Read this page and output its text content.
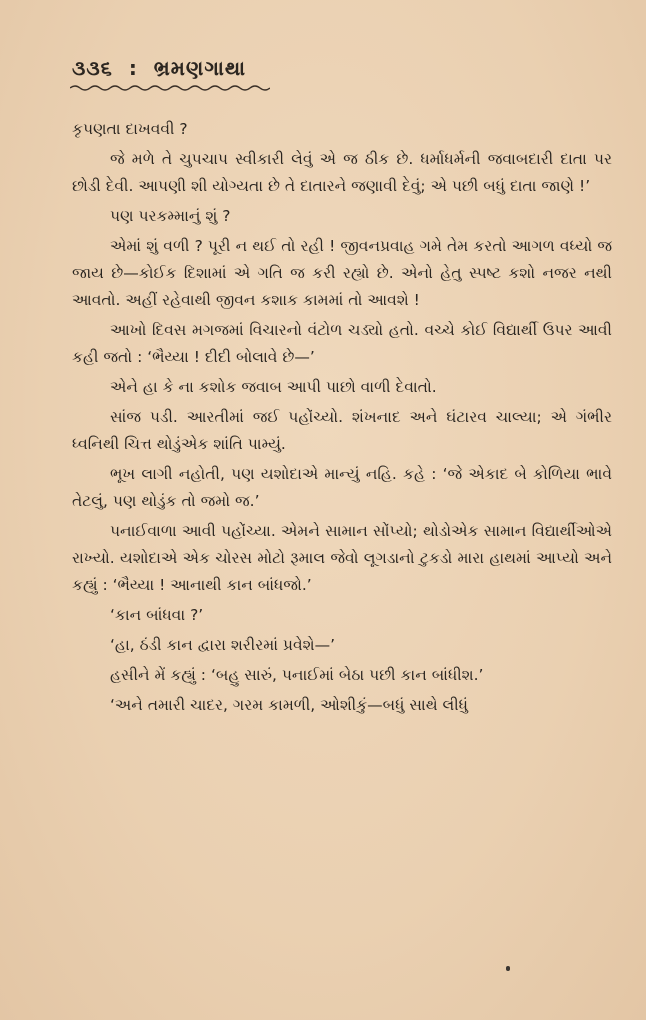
૩૩૬ : ભ્રમણગાથા

કૃપણતા દાખવવી ?

જે મળે તે ચુપચાપ સ્વીકારી લેવું એ જ ઠીક છે. ધર્માધર્મની જવાબદારી દાતા પર છોડી દેવી. આપણી શી યોગ્યતા છે તે દાતારને જણાવી દેવું; એ પછી બધું દાતા જાણે !’

પણ પરકમ્માનું શું ?

એમાં શું વળી ? પૂરી ન થઈ તો રહી ! જીવનપ્રવાહ ગમે તેમ કરતો આગળ વધ્યો જ જાય છે—કોઈક દિશામાં એ ગતિ જ કરી રહ્યો છે. એનો હેતુ સ્પષ્ટ કશો નજર નથી આવતો. અહીં રહેવાથી જીવન કશાક કામમાં તો આવશે !

આખો દિવસ મગજમાં વિચારનો વંટોળ ચડ્યો હતો. વચ્ચે કોઈ વિદ્યાર્થી ઉપર આવી કહી જતો : ‘ભૈય્યા ! દીદી બોલાવે છે—’

એને હા કે ના કશોક જવાબ આપી પાછો વાળી દેવાતો.

સાંજ પડી. આરતીમાં જઈ પહોંચ્યો. શંખનાદ અને ઘંટારવ ચાલ્યા; એ ગંભીર ધ્વનિથી ચિત્ત થોડુંએક શાંતિ પામ્યું.

ભૂખ લાગી નહોતી, પણ યશોદાએ માન્યું નહિ. કહે : ‘જે એકાદ બે કોળિયા ભાવે તેટલું, પણ થોડુંક તો જમો જ.’

પનાઈવાળા આવી પહોંચ્યા. એમને સામાન સોંપ્યો; થોડોએક સામાન વિદ્યાર્થીઓએ રાખ્યો. યશોદાએ એક ચોરસ મોટો રૂમાલ જેવો લૂગડાનો ટુકડો મારા હાથમાં આપ્યો અને કહ્યું : ‘ભૈય્યા ! આનાથી કાન બાંધજો.’

‘કાન બાંધવા ?’

‘હા, ઠંડી કાન દ્વારા શરીરમાં પ્રવેશે—’

હસીને મેં કહ્યું : ‘બહુ સારું, પનાઈમાં બેઠા પછી કાન બાંધીશ.’

‘અને તમારી ચાદર, ગરમ કામળી, ઓશીકું—બધું સાથે લીધું
